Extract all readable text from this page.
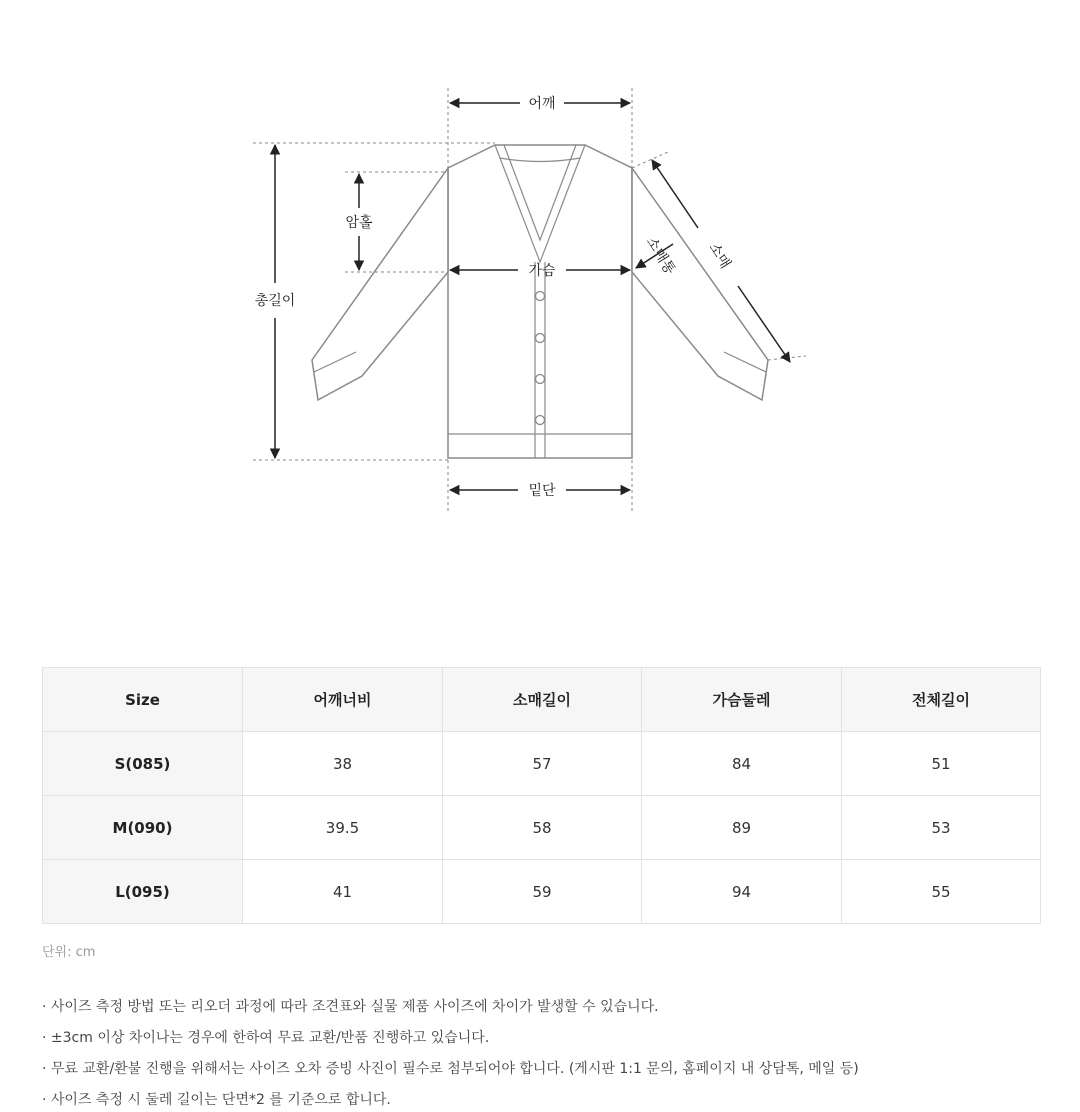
어깨
총길이
암홀
가슴
밑단
소매
소매통
Size	어깨너비	소매길이	가슴둘레	전체길이
S(085)	38	57	84	51
M(090)	39.5	58	89	53
L(095)	41	59	94	55
단위: cm
· 사이즈 측정 방법 또는 리오더 과정에 따라 조견표와 실물 제품 사이즈에 차이가 발생할 수 있습니다.
· ±3cm 이상 차이나는 경우에 한하여 무료 교환/반품 진행하고 있습니다.
· 무료 교환/환불 진행을 위해서는 사이즈 오차 증빙 사진이 필수로 첨부되어야 합니다. (게시판 1:1 문의, 홈페이지 내 상담톡, 메일 등)
· 사이즈 측정 시 둘레 길이는 단면*2 를 기준으로 합니다.
